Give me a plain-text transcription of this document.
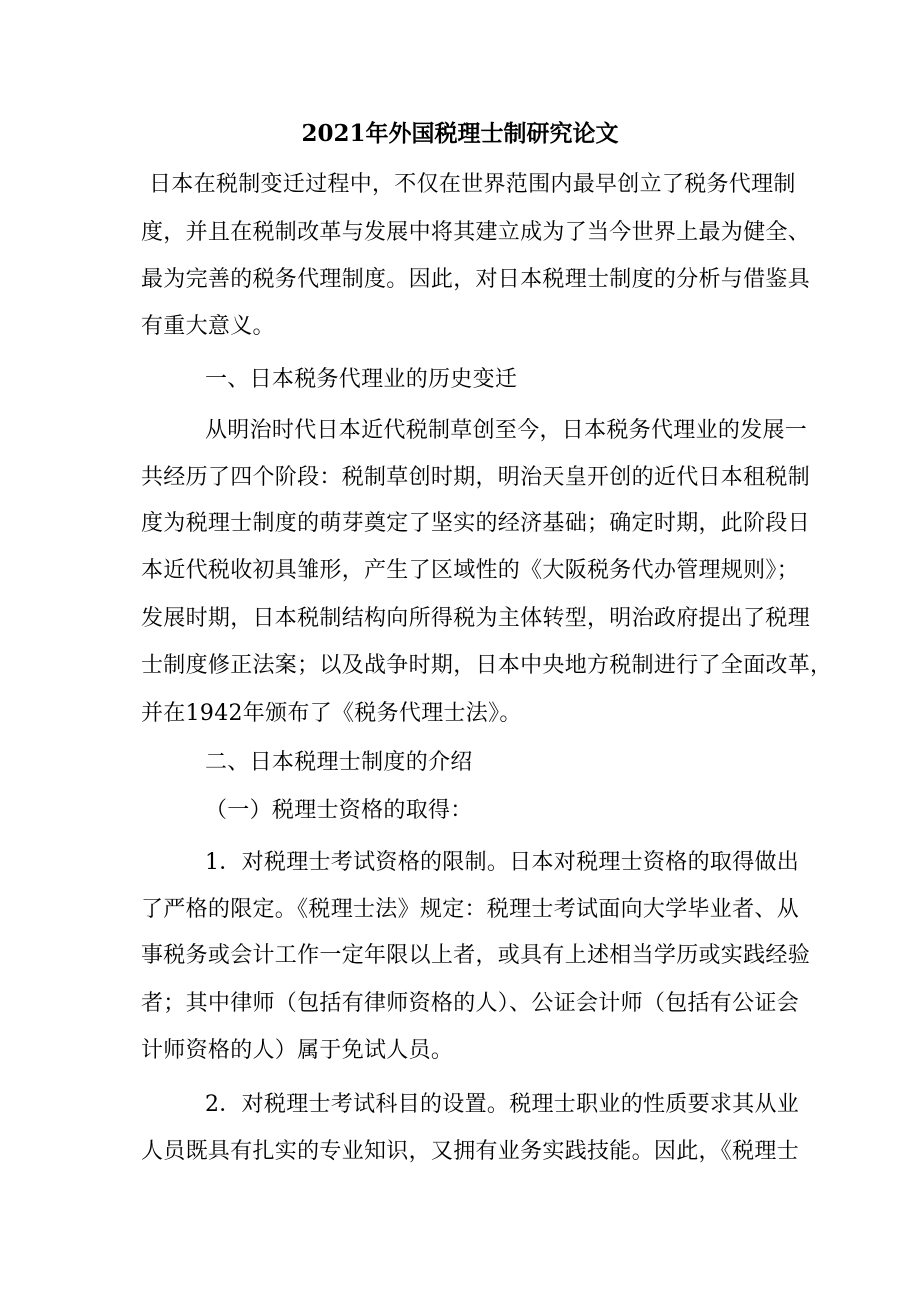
2021年外国税理士制研究论文
日本在税制变迁过程中，不仅在世界范围内最早创立了税务代理制
度，并且在税制改革与发展中将其建立成为了当今世界上最为健全、
最为完善的税务代理制度。因此，对日本税理士制度的分析与借鉴具
有重大意义。
一、日本税务代理业的历史变迁
从明治时代日本近代税制草创至今，日本税务代理业的发展一
共经历了四个阶段：税制草创时期，明治天皇开创的近代日本租税制
度为税理士制度的萌芽奠定了坚实的经济基础；确定时期，此阶段日
本近代税收初具雏形，产生了区域性的《大阪税务代办管理规则》；
发展时期，日本税制结构向所得税为主体转型，明治政府提出了税理
士制度修正法案；以及战争时期，日本中央地方税制进行了全面改革，
并在1942年颁布了《税务代理士法》。
二、日本税理士制度的介绍
（一）税理士资格的取得：
1．对税理士考试资格的限制。日本对税理士资格的取得做出
了严格的限定。《税理士法》规定：税理士考试面向大学毕业者、从
事税务或会计工作一定年限以上者，或具有上述相当学历或实践经验
者；其中律师（包括有律师资格的人）、公证会计师（包括有公证会
计师资格的人）属于免试人员。
2．对税理士考试科目的设置。税理士职业的性质要求其从业
人员既具有扎实的专业知识，又拥有业务实践技能。因此，《税理士
